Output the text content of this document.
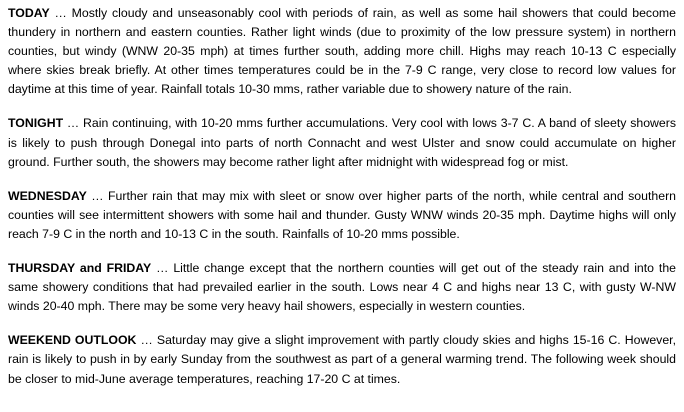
TODAY … Mostly cloudy and unseasonably cool with periods of rain, as well as some hail showers that could become thundery in northern and eastern counties. Rather light winds (due to proximity of the low pressure system) in northern counties, but windy (WNW 20-35 mph) at times further south, adding more chill. Highs may reach 10-13 C especially where skies break briefly. At other times temperatures could be in the 7-9 C range, very close to record low values for daytime at this time of year. Rainfall totals 10-30 mms, rather variable due to showery nature of the rain.

TONIGHT … Rain continuing, with 10-20 mms further accumulations. Very cool with lows 3-7 C. A band of sleety showers is likely to push through Donegal into parts of north Connacht and west Ulster and snow could accumulate on higher ground. Further south, the showers may become rather light after midnight with widespread fog or mist.

WEDNESDAY … Further rain that may mix with sleet or snow over higher parts of the north, while central and southern counties will see intermittent showers with some hail and thunder. Gusty WNW winds 20-35 mph. Daytime highs will only reach 7-9 C in the north and 10-13 C in the south. Rainfalls of 10-20 mms possible.

THURSDAY and FRIDAY … Little change except that the northern counties will get out of the steady rain and into the same showery conditions that had prevailed earlier in the south. Lows near 4 C and highs near 13 C, with gusty W-NW winds 20-40 mph. There may be some very heavy hail showers, especially in western counties.

WEEKEND OUTLOOK … Saturday may give a slight improvement with partly cloudy skies and highs 15-16 C. However, rain is likely to push in by early Sunday from the southwest as part of a general warming trend. The following week should be closer to mid-June average temperatures, reaching 17-20 C at times.
